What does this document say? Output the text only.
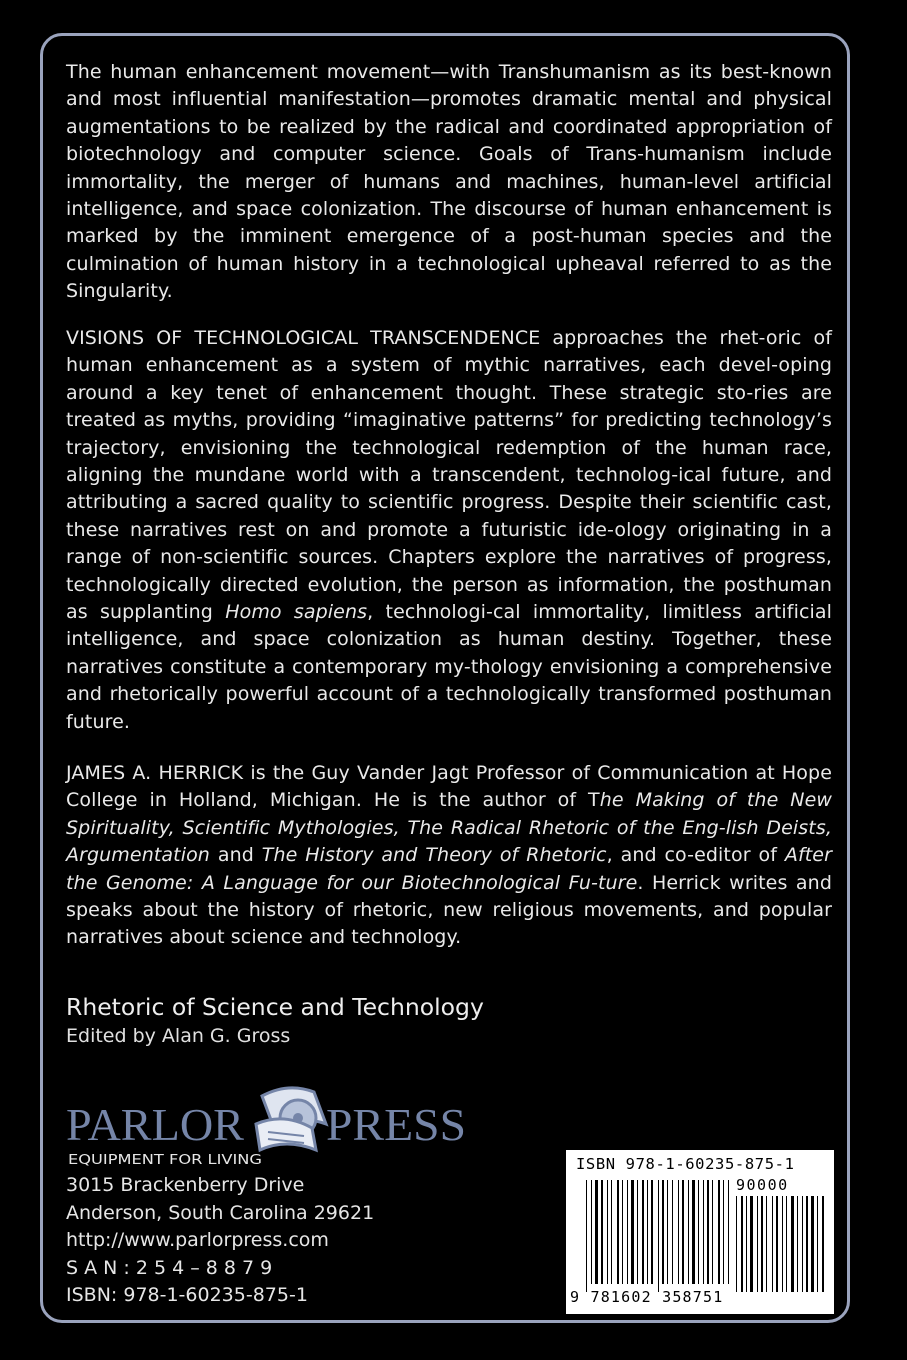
The human enhancement movement—with Transhumanism as its best-known and most influential manifestation—promotes dramatic mental and physical augmentations to be realized by the radical and coordinated appropriation of biotechnology and computer science. Goals of Trans-humanism include immortality, the merger of humans and machines, human-level artificial intelligence, and space colonization. The discourse of human enhancement is marked by the imminent emergence of a post-human species and the culmination of human history in a technological upheaval referred to as the Singularity.

VISIONS OF TECHNOLOGICAL TRANSCENDENCE approaches the rhet-oric of human enhancement as a system of mythic narratives, each devel-oping around a key tenet of enhancement thought. These strategic sto-ries are treated as myths, providing “imaginative patterns” for predicting technology’s trajectory, envisioning the technological redemption of the human race, aligning the mundane world with a transcendent, technolog-ical future, and attributing a sacred quality to scientific progress. Despite their scientific cast, these narratives rest on and promote a futuristic ide-ology originating in a range of non-scientific sources. Chapters explore the narratives of progress, technologically directed evolution, the person as information, the posthuman as supplanting Homo sapiens, technologi-cal immortality, limitless artificial intelligence, and space colonization as human destiny. Together, these narratives constitute a contemporary my-thology envisioning a comprehensive and rhetorically powerful account of a technologically transformed posthuman future.

JAMES A. HERRICK is the Guy Vander Jagt Professor of Communication at Hope College in Holland, Michigan. He is the author of The Making of the New Spirituality, Scientific Mythologies, The Radical Rhetoric of the Eng-lish Deists, Argumentation and The History and Theory of Rhetoric, and co-editor of After the Genome: A Language for our Biotechnological Fu-ture. Herrick writes and speaks about the history of rhetoric, new religious movements, and popular narratives about science and technology.

Rhetoric of Science and Technology
Edited by Alan G. Gross
PARLOR PRESS
EQUIPMENT FOR LIVING
3015 Brackenberry Drive
Anderson, South Carolina 29621
http://www.parlorpress.com
S A N : 2 5 4 – 8 8 7 9
ISBN: 978-1-60235-875-1
ISBN 978-1-60235-875-1
90000
9 781602 358751
